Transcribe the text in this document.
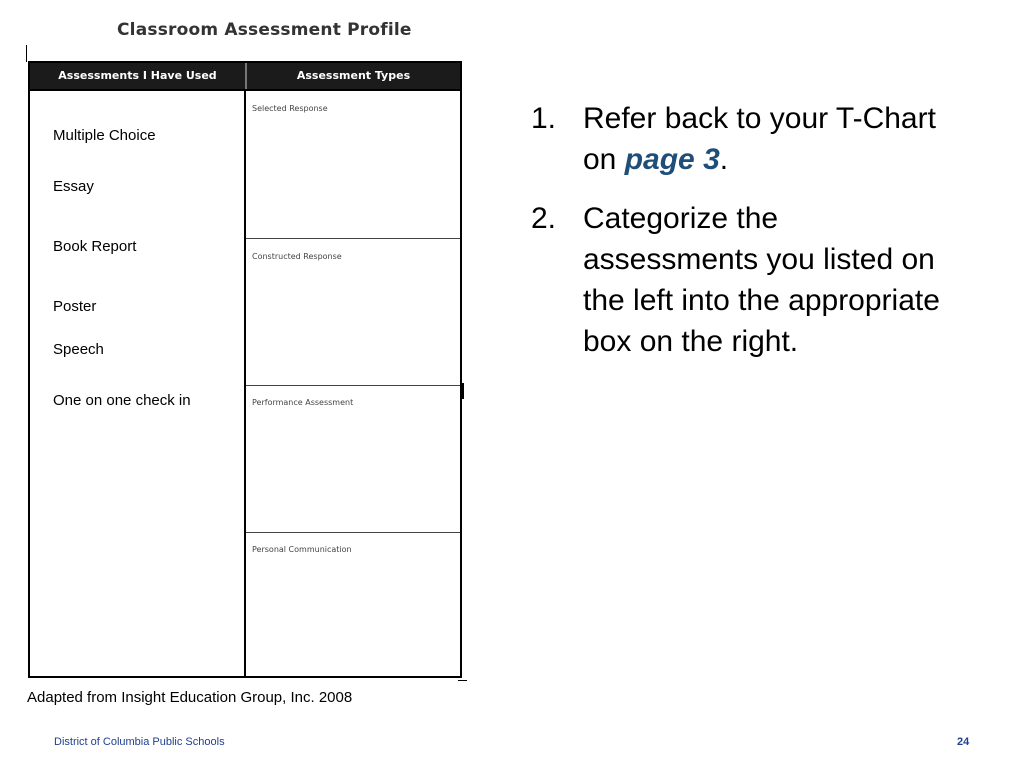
Classroom Assessment Profile
Assessments I Have Used	Assessment Types
Multiple Choice
Essay
Book Report
Poster
Speech
One on one check in
Selected Response
Constructed Response
Performance Assessment
Personal Communication
1. Refer back to your T-Chart on page 3.
2. Categorize the assessments you listed on the left into the appropriate box on the right.
Adapted from Insight Education Group, Inc. 2008
District of Columbia Public Schools	24
